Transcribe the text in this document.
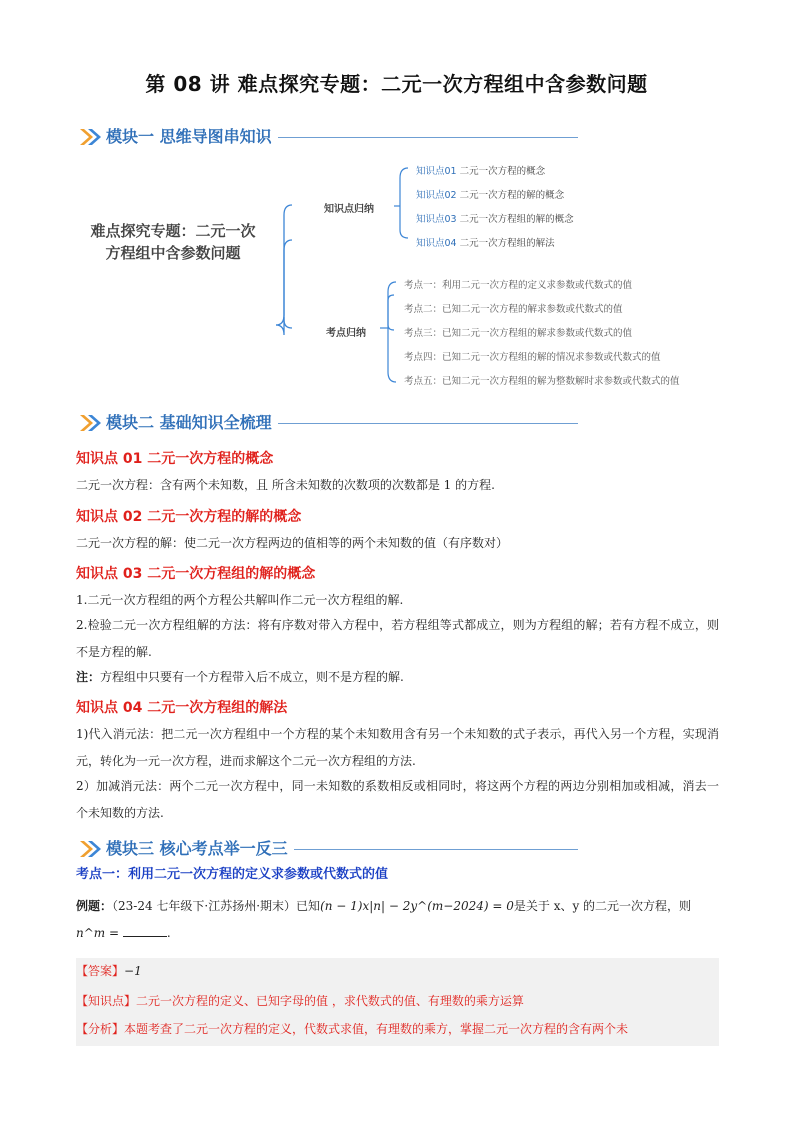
第 08 讲 难点探究专题：二元一次方程组中含参数问题
模块一 思维导图串知识
难点探究专题：二元一次
方程组中含参数问题
知识点归纳
考点归纳
知识点01 二元一次方程的概念
知识点02 二元一次方程的解的概念
知识点03 二元一次方程组的解的概念
知识点04 二元一次方程组的解法
考点一：利用二元一次方程的定义求参数或代数式的值
考点二：已知二元一次方程的解求参数或代数式的值
考点三：已知二元一次方程组的解求参数或代数式的值
考点四：已知二元一次方程组的解的情况求参数或代数式的值
考点五：已知二元一次方程组的解为整数解时求参数或代数式的值
模块二 基础知识全梳理
知识点 01 二元一次方程的概念
二元一次方程：含有两个未知数，且 所含未知数的次数项的次数都是 1 的方程.
知识点 02 二元一次方程的解的概念
二元一次方程的解：使二元一次方程两边的值相等的两个未知数的值（有序数对）
知识点 03 二元一次方程组的解的概念
1.二元一次方程组的两个方程公共解叫作二元一次方程组的解.
2.检验二元一次方程组解的方法：将有序数对带入方程中，若方程组等式都成立，则为方程组的解；若有方程不成立，则不是方程的解.
注：方程组中只要有一个方程带入后不成立，则不是方程的解.
知识点 04 二元一次方程组的解法
1)代入消元法：把二元一次方程组中一个方程的某个未知数用含有另一个未知数的式子表示，再代入另一个方程，实现消元，转化为一元一次方程，进而求解这个二元一次方程组的方法.
2）加减消元法：两个二元一次方程中，同一未知数的系数相反或相同时，将这两个方程的两边分别相加或相减，消去一个未知数的方法.
模块三 核心考点举一反三
考点一：利用二元一次方程的定义求参数或代数式的值
例题：（23-24 七年级下·江苏扬州·期末）已知(n − 1)x|n| − 2y^(m−2024) = 0是关于 x、y 的二元一次方程，则
n^m =	.
【答案】−1
【知识点】二元一次方程的定义、已知字母的值 ，求代数式的值、有理数的乘方运算
【分析】本题考查了二元一次方程的定义，代数式求值，有理数的乘方，掌握二元一次方程的含有两个未
